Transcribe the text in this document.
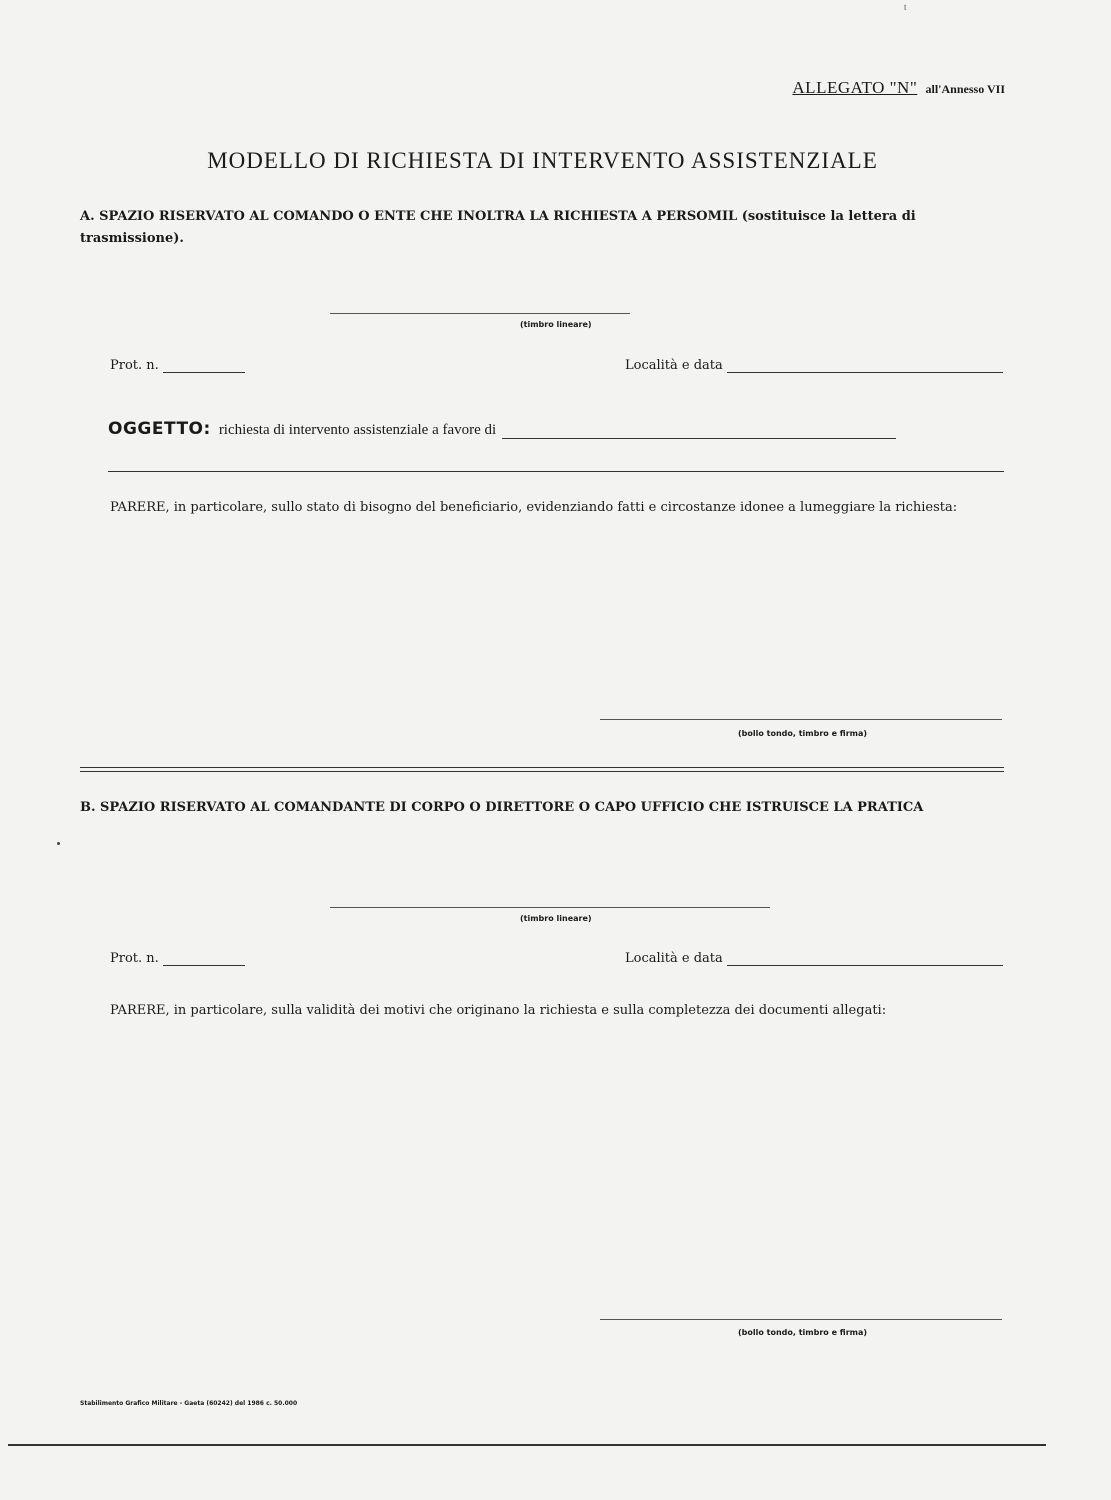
t
ALLEGATO "N" all'Annesso VII
MODELLO DI RICHIESTA DI INTERVENTO ASSISTENZIALE
A. SPAZIO RISERVATO AL COMANDO O ENTE CHE INOLTRA LA RICHIESTA A PERSOMIL (sostituisce la lettera di trasmissione).
(timbro lineare)
Prot. n.	Località e data
OGGETTO: richiesta di intervento assistenziale a favore di
PARERE, in particolare, sullo stato di bisogno del beneficiario, evidenziando fatti e circostanze idonee a lumeggiare la richiesta:
(bollo tondo, timbro e firma)
B. SPAZIO RISERVATO AL COMANDANTE DI CORPO O DIRETTORE O CAPO UFFICIO CHE ISTRUISCE LA PRATICA
(timbro lineare)
Prot. n.	Località e data
PARERE, in particolare, sulla validità dei motivi che originano la richiesta e sulla completezza dei documenti allegati:
(bollo tondo, timbro e firma)
Stabilimento Grafico Militare - Gaeta (60242) del 1986 c. 50.000
